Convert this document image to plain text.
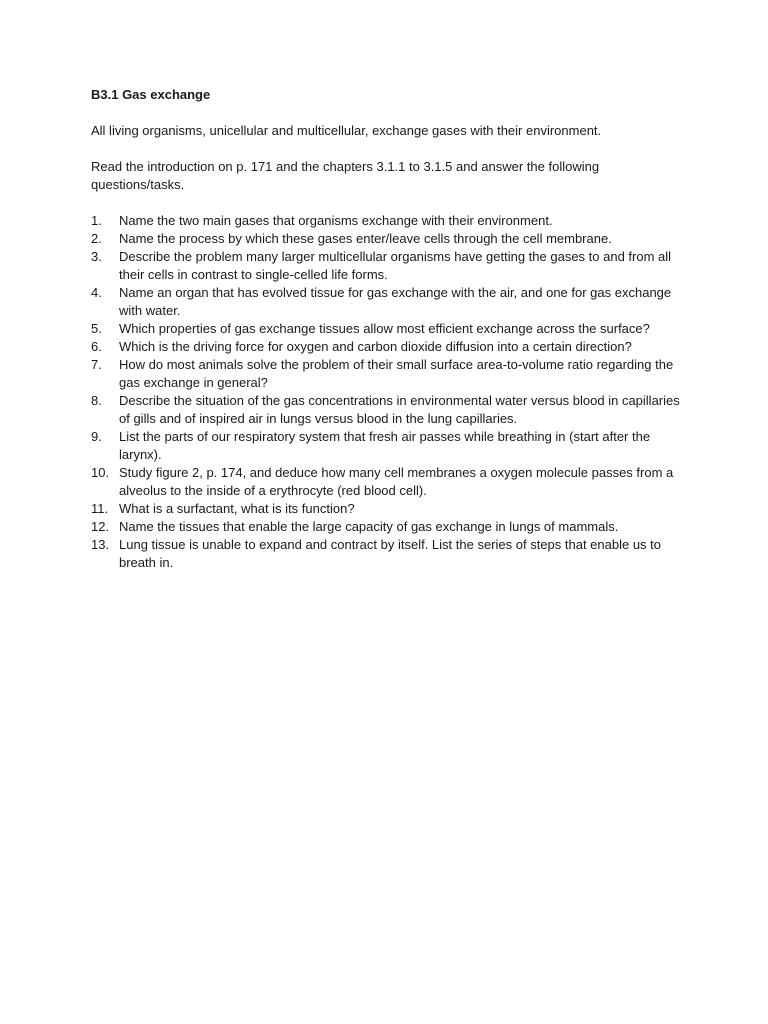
B3.1 Gas exchange
All living organisms, unicellular and multicellular, exchange gases with their environment.
Read the introduction on p. 171 and the chapters 3.1.1 to 3.1.5 and answer the following questions/tasks.
1.	Name the two main gases that organisms exchange with their environment.
2.	Name the process by which these gases enter/leave cells through the cell membrane.
3.	Describe the problem many larger multicellular organisms have getting the gases to and from all their cells in contrast to single-celled life forms.
4.	Name an organ that has evolved tissue for gas exchange with the air, and one for gas exchange with water.
5.	Which properties of gas exchange tissues allow most efficient exchange across the surface?
6.	Which is the driving force for oxygen and carbon dioxide diffusion into a certain direction?
7.	How do most animals solve the problem of their small surface area-to-volume ratio regarding the gas exchange in general?
8.	Describe the situation of the gas concentrations in environmental water versus blood in capillaries of gills and of inspired air in lungs versus blood in the lung capillaries.
9.	List the parts of our respiratory system that fresh air passes while breathing in (start after the larynx).
10. Study figure 2, p. 174, and deduce how many cell membranes a oxygen molecule passes from a alveolus to the inside of a erythrocyte (red blood cell).
11. What is a surfactant, what is its function?
12. Name the tissues that enable the large capacity of gas exchange in lungs of mammals.
13. Lung tissue is unable to expand and contract by itself. List the series of steps that enable us to breath in.
